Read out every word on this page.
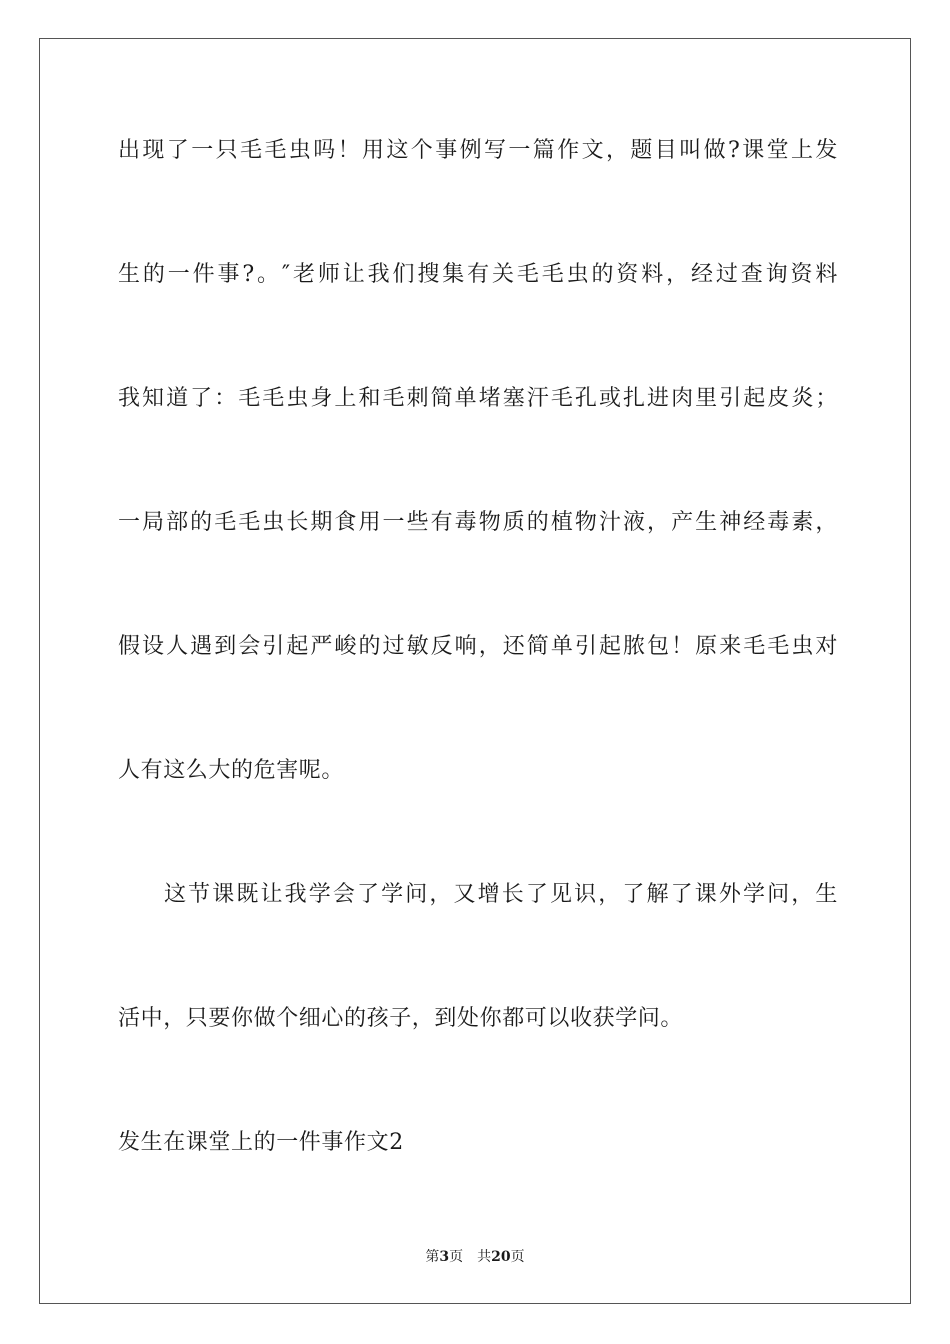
出现了一只毛毛虫吗！用这个事例写一篇作文，题目叫做?课堂上发
生的一件事?。″老师让我们搜集有关毛毛虫的资料，经过查询资料
我知道了：毛毛虫身上和毛刺简单堵塞汗毛孔或扎进肉里引起皮炎；
一局部的毛毛虫长期食用一些有毒物质的植物汁液，产生神经毒素，
假设人遇到会引起严峻的过敏反响，还简单引起脓包！原来毛毛虫对
人有这么大的危害呢。
这节课既让我学会了学问，又增长了见识，了解了课外学问，生
活中，只要你做个细心的孩子，到处你都可以收获学问。
发生在课堂上的一件事作文2
第3页 共20页
